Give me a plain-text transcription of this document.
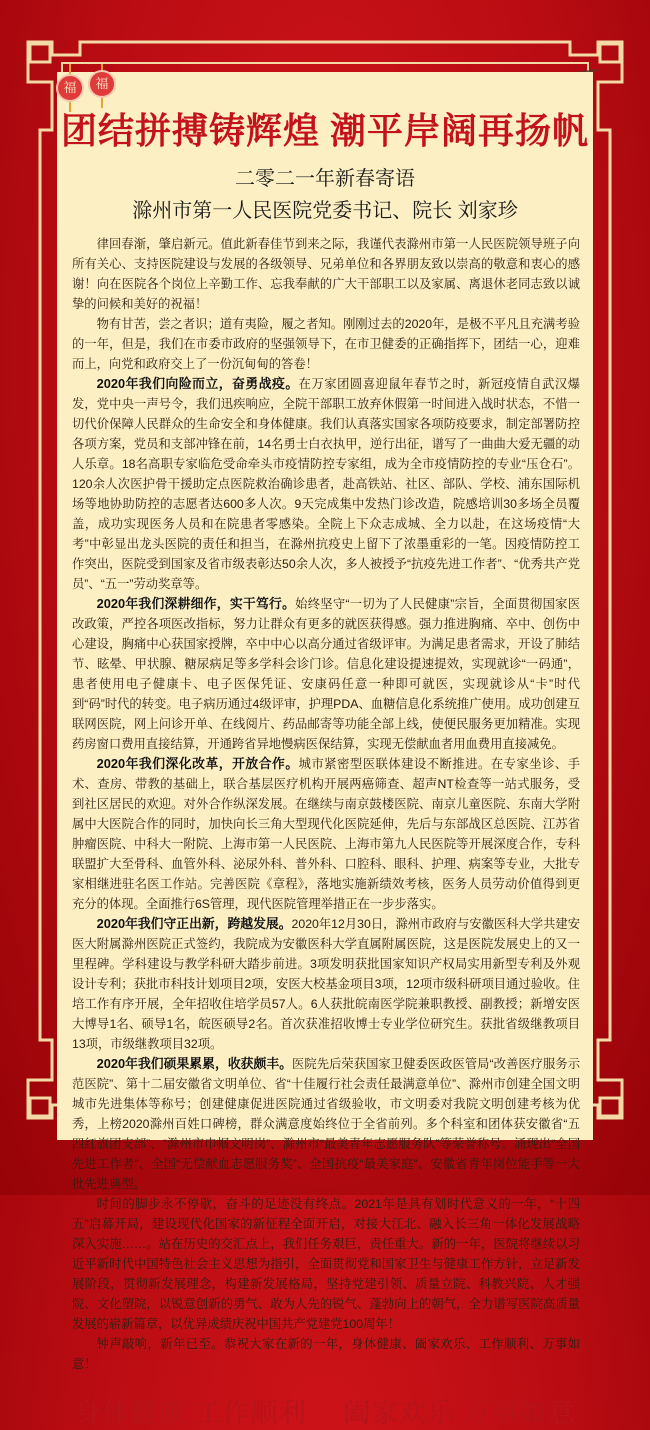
福	福
团结拼搏铸辉煌 潮平岸阔再扬帆
二零二一年新春寄语
滁州市第一人民医院党委书记、院长 刘家珍

律回春渐，肇启新元。值此新春佳节到来之际，我谨代表滁州市第一人民医院领导班子向所有关心、支持医院建设与发展的各级领导、兄弟单位和各界朋友致以崇高的敬意和衷心的感谢！向在医院各个岗位上辛勤工作、忘我奉献的广大干部职工以及家属、离退休老同志致以诚挚的问候和美好的祝福！

物有甘苦，尝之者识；道有夷险，履之者知。刚刚过去的2020年，是极不平凡且充满考验的一年，但是，我们在市委市政府的坚强领导下，在市卫健委的正确指挥下，团结一心，迎难而上，向党和政府交上了一份沉甸甸的答卷！

2020年我们向险而立，奋勇战疫。在万家团圆喜迎鼠年春节之时，新冠疫情自武汉爆发，党中央一声号令，我们迅疾响应，全院干部职工放弃休假第一时间进入战时状态，不惜一切代价保障人民群众的生命安全和身体健康。我们认真落实国家各项防疫要求，制定部署防控各项方案，党员和支部冲锋在前，14名勇士白衣执甲，逆行出征，谱写了一曲曲大爱无疆的动人乐章。18名高职专家临危受命牵头市疫情防控专家组，成为全市疫情防控的专业“压仓石”。120余人次医护骨干援助定点医院救治确诊患者，赴高铁站、社区、部队、学校、浦东国际机场等地协助防控的志愿者达600多人次。9天完成集中发热门诊改造，院感培训30多场全员覆盖，成功实现医务人员和在院患者零感染。全院上下众志成城、全力以赴，在这场疫情“大考”中彰显出龙头医院的责任和担当，在滁州抗疫史上留下了浓墨重彩的一笔。因疫情防控工作突出，医院受到国家及省市级表彰达50余人次，多人被授予“抗疫先进工作者”、“优秀共产党员”、“五一”劳动奖章等。

2020年我们深耕细作，实干笃行。始终坚守“一切为了人民健康”宗旨，全面贯彻国家医改政策，严控各项医改指标，努力让群众有更多的就医获得感。强力推进胸痛、卒中、创伤中心建设，胸痛中心获国家授牌，卒中中心以高分通过省级评审。为满足患者需求，开设了肺结节、眩晕、甲状腺、糖尿病足等多学科会诊门诊。信息化建设提速提效，实现就诊“一码通”，患者使用电子健康卡、电子医保凭证、安康码任意一种即可就医，实现就诊从“卡”时代到“码”时代的转变。电子病历通过4级评审，护理PDA、血糖信息化系统推广使用。成功创建互联网医院，网上问诊开单、在线阅片、药品邮寄等功能全部上线，使便民服务更加精准。实现药房窗口费用直接结算，开通跨省异地慢病医保结算，实现无偿献血者用血费用直接减免。

2020年我们深化改革，开放合作。城市紧密型医联体建设不断推进。在专家坐诊、手术、查房、带教的基础上，联合基层医疗机构开展两癌筛查、超声NT检查等一站式服务，受到社区居民的欢迎。对外合作纵深发展。在继续与南京鼓楼医院、南京儿童医院、东南大学附属中大医院合作的同时，加快向长三角大型现代化医院延伸，先后与东部战区总医院、江苏省肿瘤医院、中科大一附院、上海市第一人民医院、上海市第九人民医院等开展深度合作，专科联盟扩大至骨科、血管外科、泌尿外科、普外科、口腔科、眼科、护理、病案等专业，大批专家相继进驻名医工作站。完善医院《章程》，落地实施新绩效考核，医务人员劳动价值得到更充分的体现。全面推行6S管理，现代医院管理举措正在一步步落实。

2020年我们守正出新，跨越发展。2020年12月30日，滁州市政府与安徽医科大学共建安医大附属滁州医院正式签约，我院成为安徽医科大学直属附属医院，这是医院发展史上的又一里程碑。学科建设与教学科研大踏步前进。3项发明获批国家知识产权局实用新型专利及外观设计专利；获批市科技计划项目2项，安医大校基金项目3项，12项市级科研项目通过验收。住培工作有序开展，全年招收住培学员57人。6人获批皖南医学院兼职教授、副教授；新增安医大博导1名、硕导1名，皖医硕导2名。首次获准招收博士专业学位研究生。获批省级继教项目13项，市级继教项目32项。

2020年我们硕果累累，收获颇丰。医院先后荣获国家卫健委医政医管局“改善医疗服务示范医院”、第十二届安徽省文明单位、省“十佳履行社会责任最满意单位”、滁州市创建全国文明城市先进集体等称号；创建健康促进医院通过省级验收，市文明委对我院文明创建考核为优秀，上榜2020滁州百姓口碑榜，群众满意度始终位于全省前列。多个科室和团体获安徽省“五四红旗团支部”、“滁州市巾帼文明岗”、滁州市“最美青年志愿服务队”等荣誉称号。涌现出“全国先进工作者”、全国“无偿献血志愿服务奖”、全国抗疫“最美家庭”、安徽省青年岗位能手等一大批先进典型。

时间的脚步永不停歇，奋斗的足迹没有终点。2021年是具有划时代意义的一年，“十四五”启幕开局，建设现代化国家的新征程全面开启，对接大江北、融入长三角一体化发展战略深入实施……。站在历史的交汇点上，我们任务艰巨，责任重大。新的一年，医院将继续以习近平新时代中国特色社会主义思想为指引，全面贯彻党和国家卫生与健康工作方针，立足新发展阶段，贯彻新发展理念，构建新发展格局，坚持党建引领、质量立院、科教兴院、人才强院、文化塑院，以锐意创新的勇气、敢为人先的锐气、蓬勃向上的朝气，全力谱写医院高质量发展的崭新篇章，以优异成绩庆祝中国共产党建党100周年！

钟声敲响，新年已至。恭祝大家在新的一年，身体健康、阖家欢乐、工作顺利、万事如意！

身体健康 工作顺利 阖家欢乐 万事如意
